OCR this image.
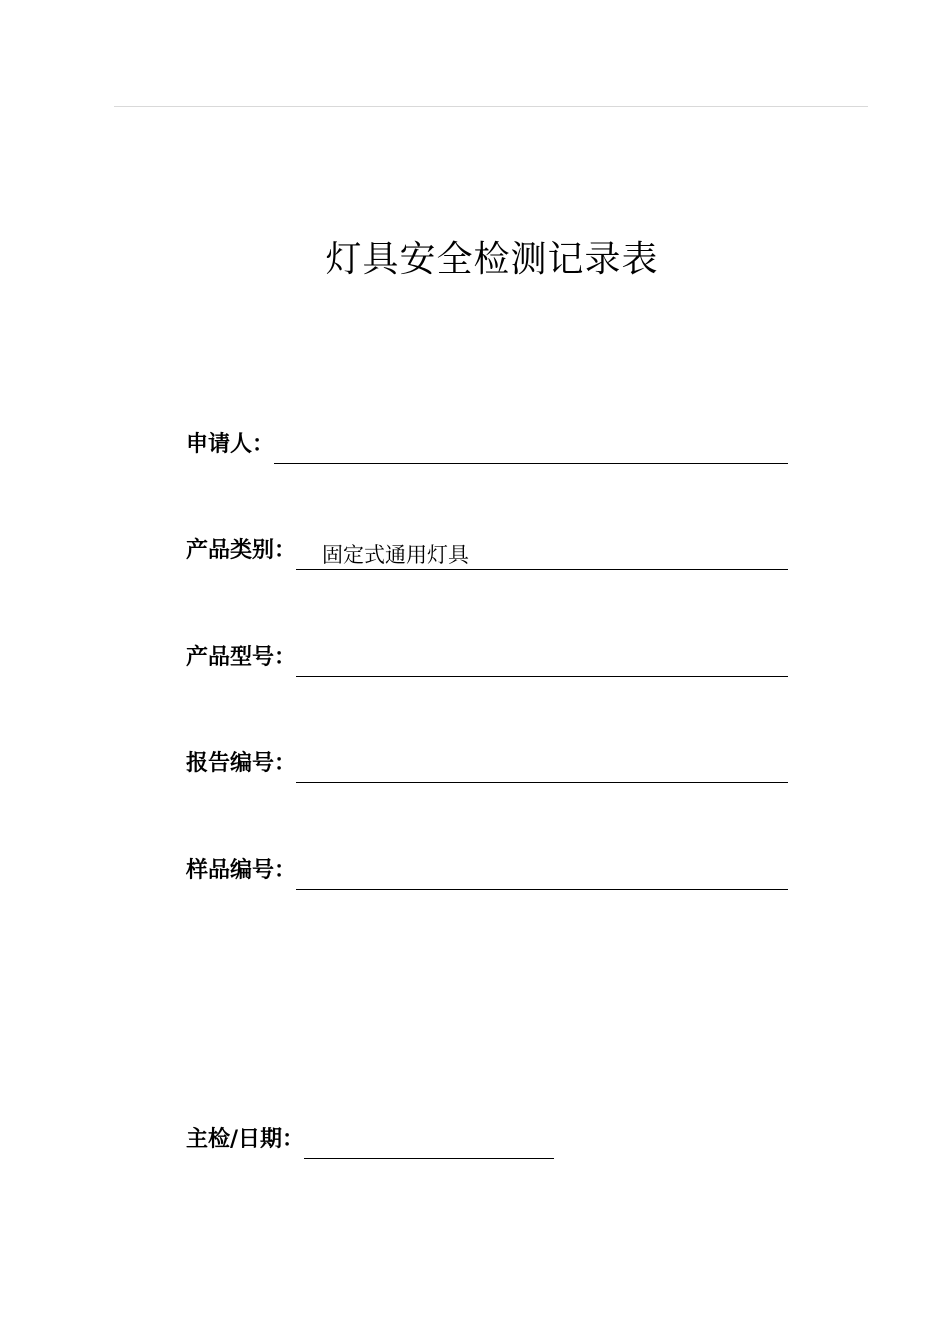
灯具安全检测记录表
申请人：
产品类别： 固定式通用灯具
产品型号：
报告编号：
样品编号：
主检/日期：
